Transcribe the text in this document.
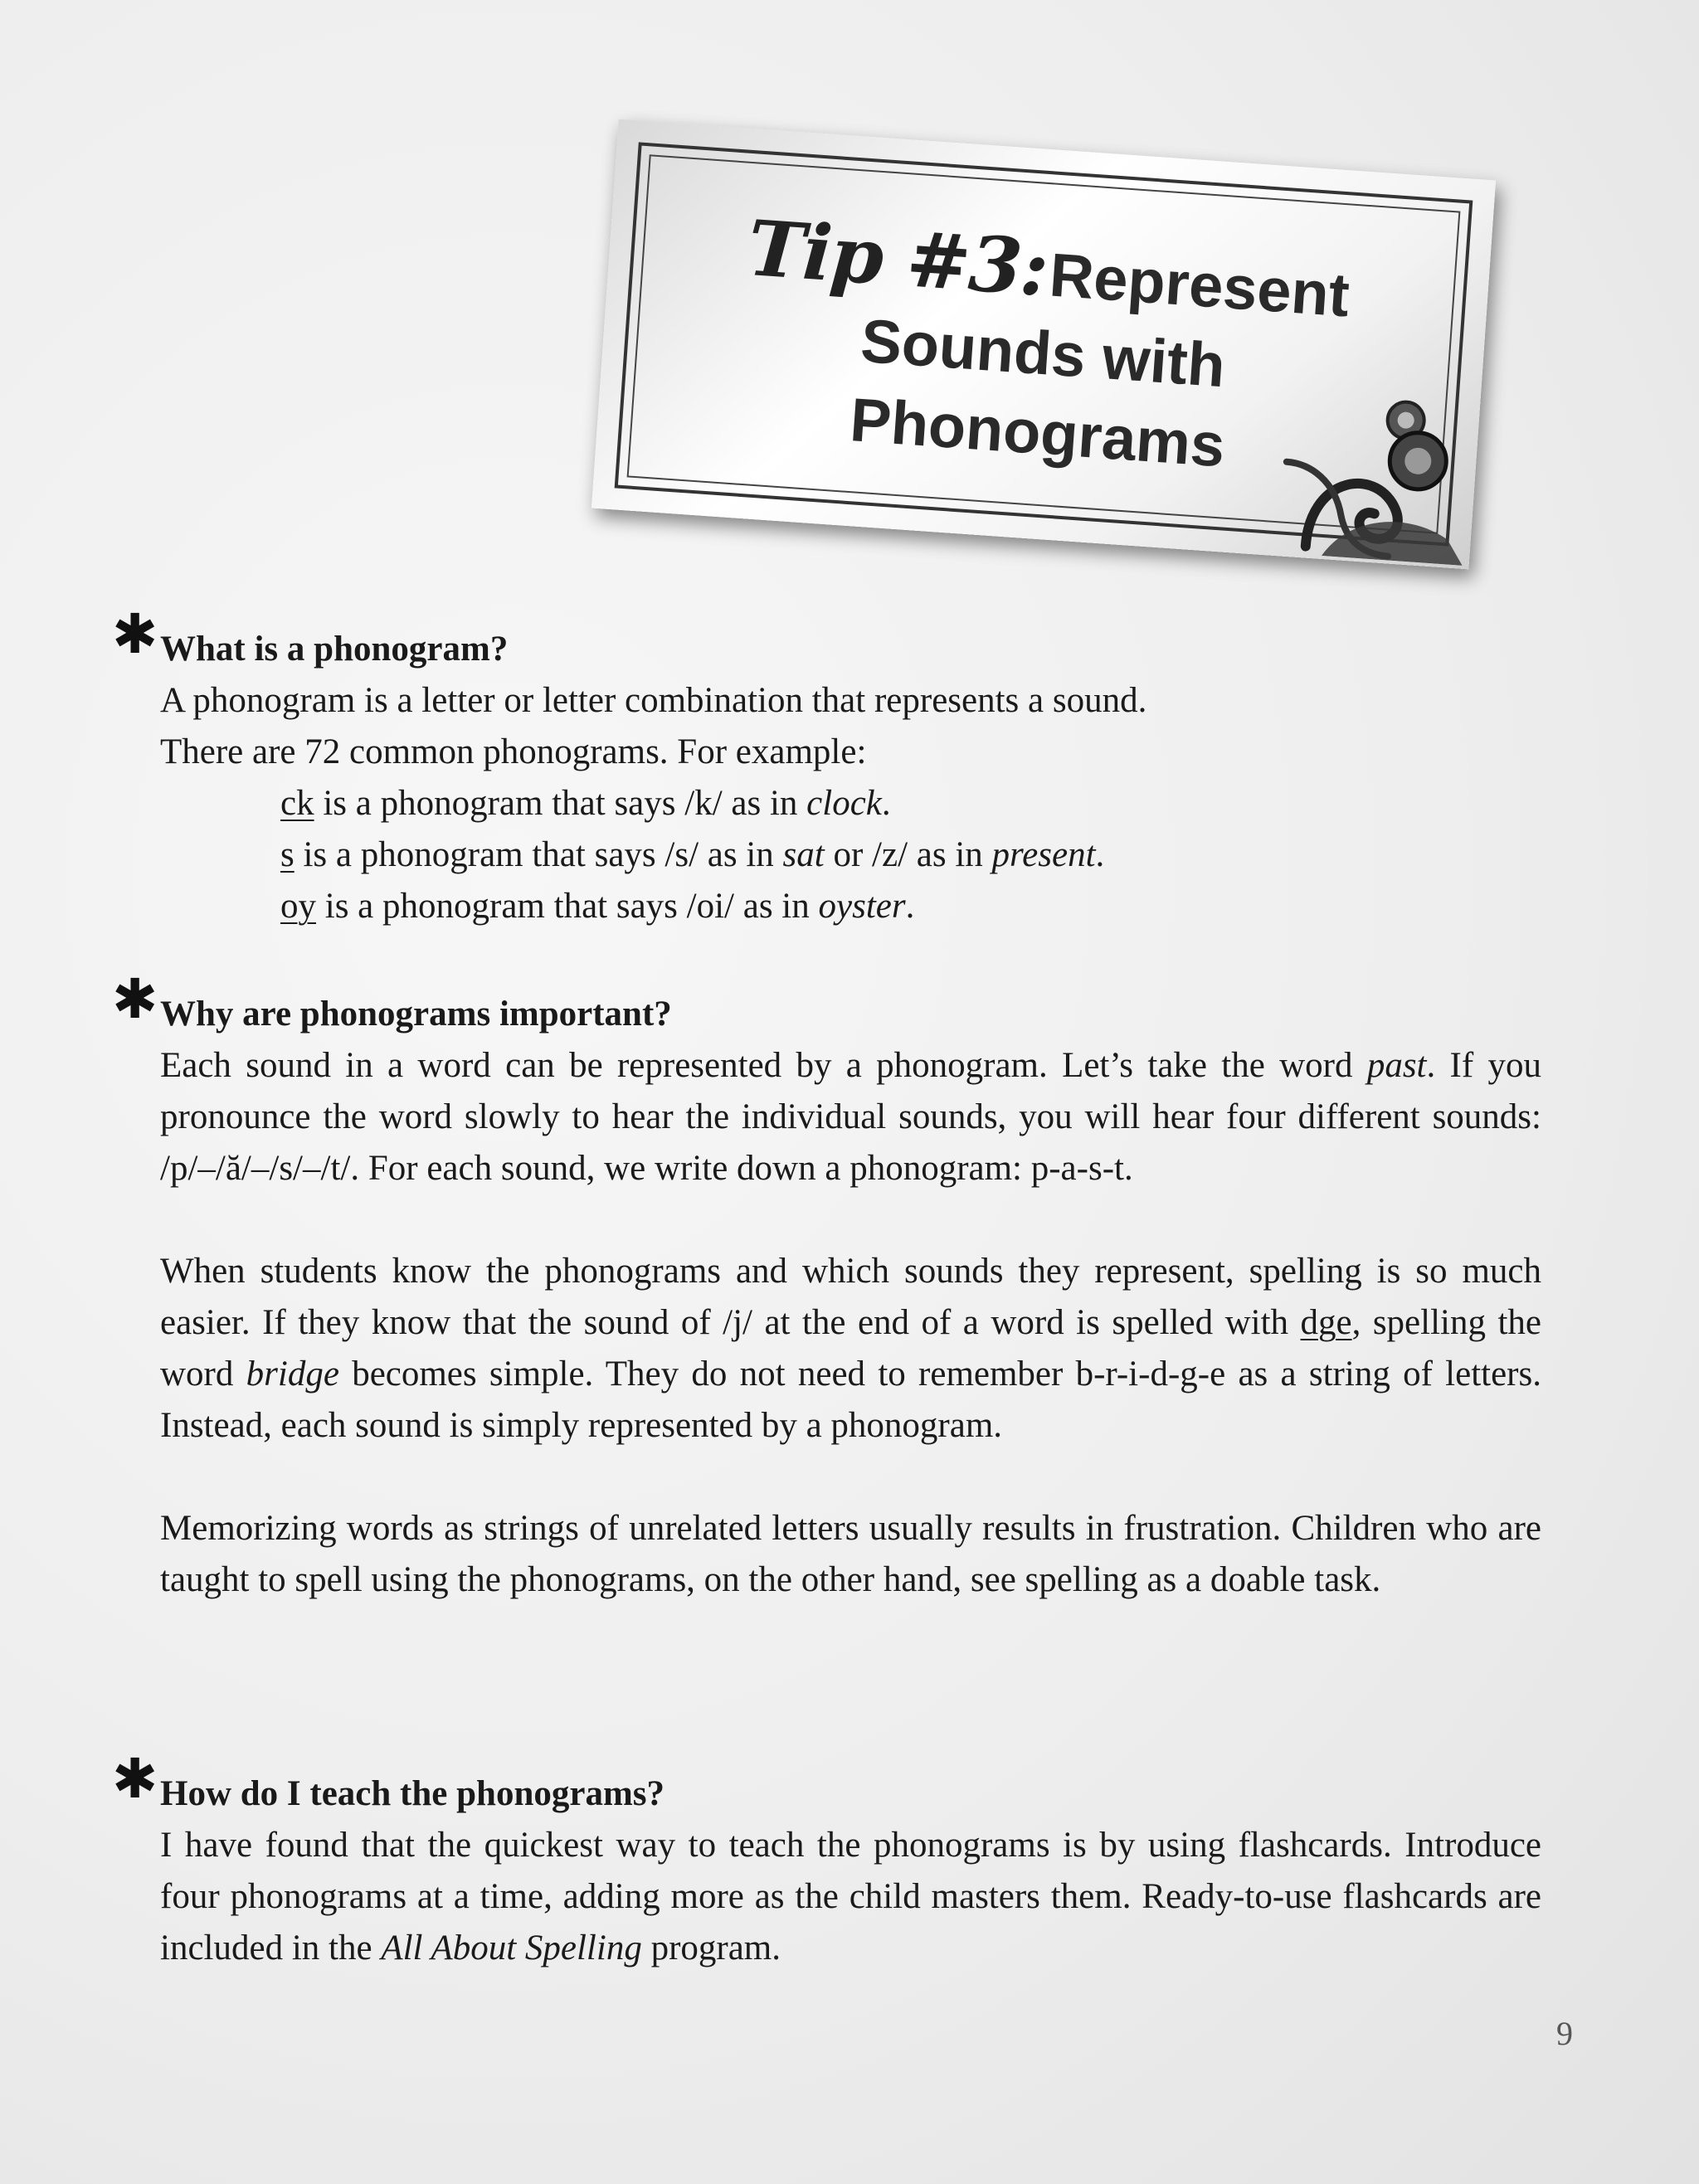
Tip #3: Represent
Sounds with
Phonograms
✱ What is a phonogram?

A phonogram is a letter or letter combination that represents a sound.

There are 72 common phonograms. For example:

ck is a phonogram that says /k/ as in clock.

s is a phonogram that says /s/ as in sat or /z/ as in present.

oy is a phonogram that says /oi/ as in oyster.

✱ Why are phonograms important?

Each sound in a word can be represented by a phonogram. Let’s take the word past. If you pronounce the word slowly to hear the individual sounds, you will hear four different sounds: /p/–/ă/–/s/–/t/. For each sound, we write down a phonogram: p-a-s-t.

When students know the phonograms and which sounds they represent, spelling is so much easier. If they know that the sound of /j/ at the end of a word is spelled with dge, spelling the word bridge becomes simple. They do not need to remember b-r-i-d-g-e as a string of letters. Instead, each sound is simply represented by a phonogram.

Memorizing words as strings of unrelated letters usually results in frustration. Children who are taught to spell using the phonograms, on the other hand, see spelling as a doable task.

✱ How do I teach the phonograms?

I have found that the quickest way to teach the phonograms is by using flashcards. Introduce four phonograms at a time, adding more as the child masters them. Ready-to-use flashcards are included in the All About Spelling program.

9
